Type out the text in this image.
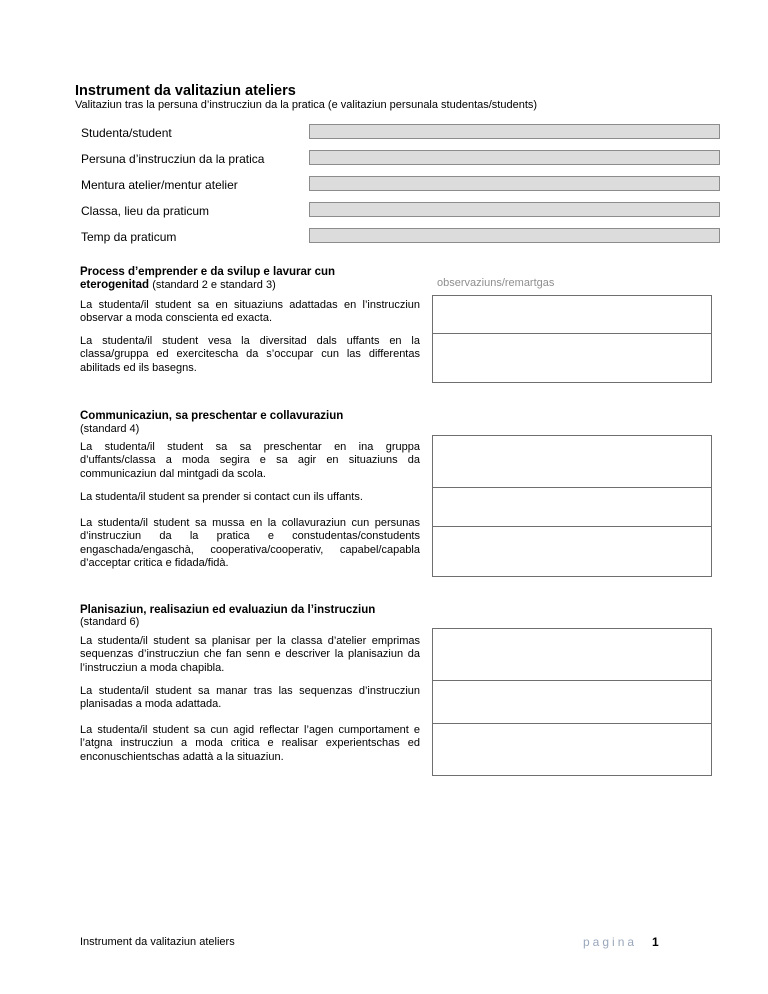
Instrument da valitaziun ateliers
Valitaziun tras la persuna d’instrucziun da la pratica (e valitaziun persunala studentas/students)
Studenta/student
Persuna d’instrucziun da la pratica
Mentura atelier/mentur atelier
Classa, lieu da praticum
Temp da praticum
Process d’emprender e da svilup e lavurar cun
eterogenitad (standard 2 e standard 3)	observaziuns/remartgas
La studenta/il student sa en situaziuns adattadas en l’instrucziun observar a moda conscienta ed exacta.
La studenta/il student vesa la diversitad dals uffants en la classa/gruppa ed exercitescha da s’occupar cun las differentas abilitads ed ils basegns.
Communicaziun, sa preschentar e collavuraziun
(standard 4)
La studenta/il student sa sa preschentar en ina gruppa d’uffants/classa a moda segira e sa agir en situaziuns da communicaziun dal mintgadi da scola.
La studenta/il student sa prender si contact cun ils uffants.
La studenta/il student sa mussa en la collavuraziun cun persunas d’instrucziun da la pratica e constudentas/constudents engaschada/engaschà, cooperativa/cooperativ, capabel/capabla d’acceptar critica e fidada/fidà.
Planisaziun, realisaziun ed evaluaziun da l’instrucziun
(standard 6)
La studenta/il student sa planisar per la classa d’atelier emprimas sequenzas d’instrucziun che fan senn e descriver la planisaziun da l’instrucziun a moda chapibla.
La studenta/il student sa manar tras las sequenzas d’instrucziun planisadas a moda adattada.
La studenta/il student sa cun agid reflectar l’agen cumportament e l’atgna instrucziun a moda critica e realisar experientschas ed enconuschientschas adattà a la situaziun.
Instrument da valitaziun ateliers	pagina 1
